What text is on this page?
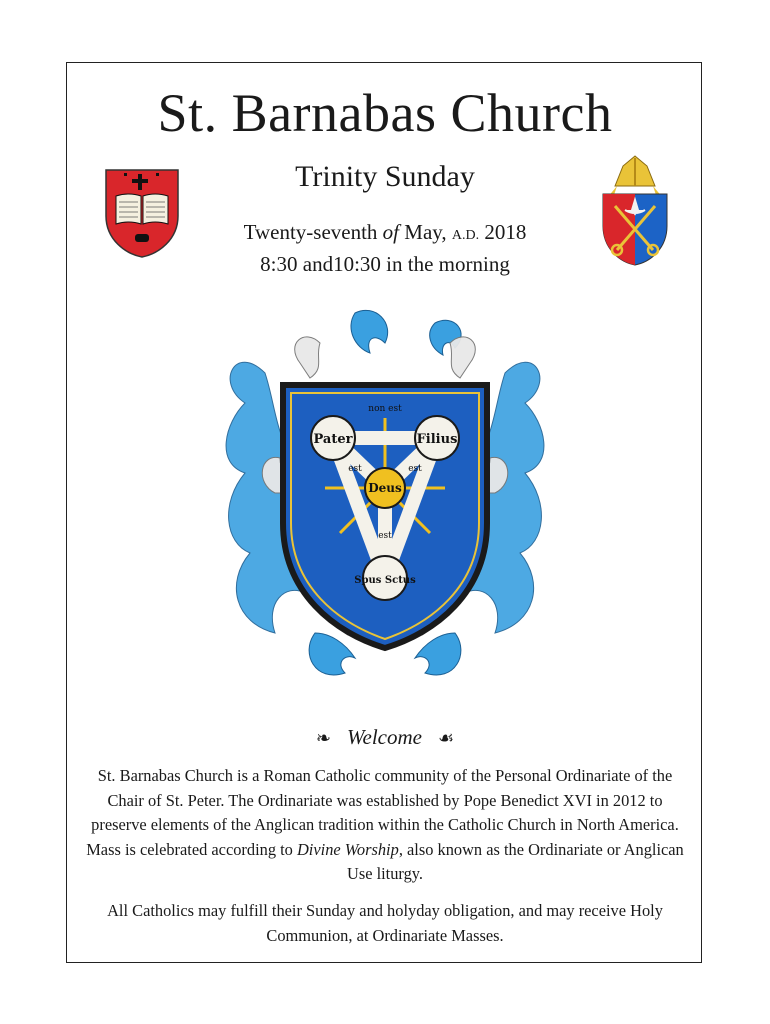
St. Barnabas Church
Trinity Sunday
Twenty-seventh of May, A.D. 2018
8:30 and10:30 in the morning
Pater	Filius
Deus
Spus Sctus
non est
est	est
est
❧ Welcome ☙
St. Barnabas Church is a Roman Catholic community of the Personal Ordinariate of the Chair of St. Peter. The Ordinariate was established by Pope Benedict XVI in 2012 to preserve elements of the Anglican tradition within the Catholic Church in North America. Mass is celebrated according to Divine Worship, also known as the Ordinariate or Anglican Use liturgy.
All Catholics may fulfill their Sunday and holyday obligation, and may receive Holy Communion, at Ordinariate Masses.
